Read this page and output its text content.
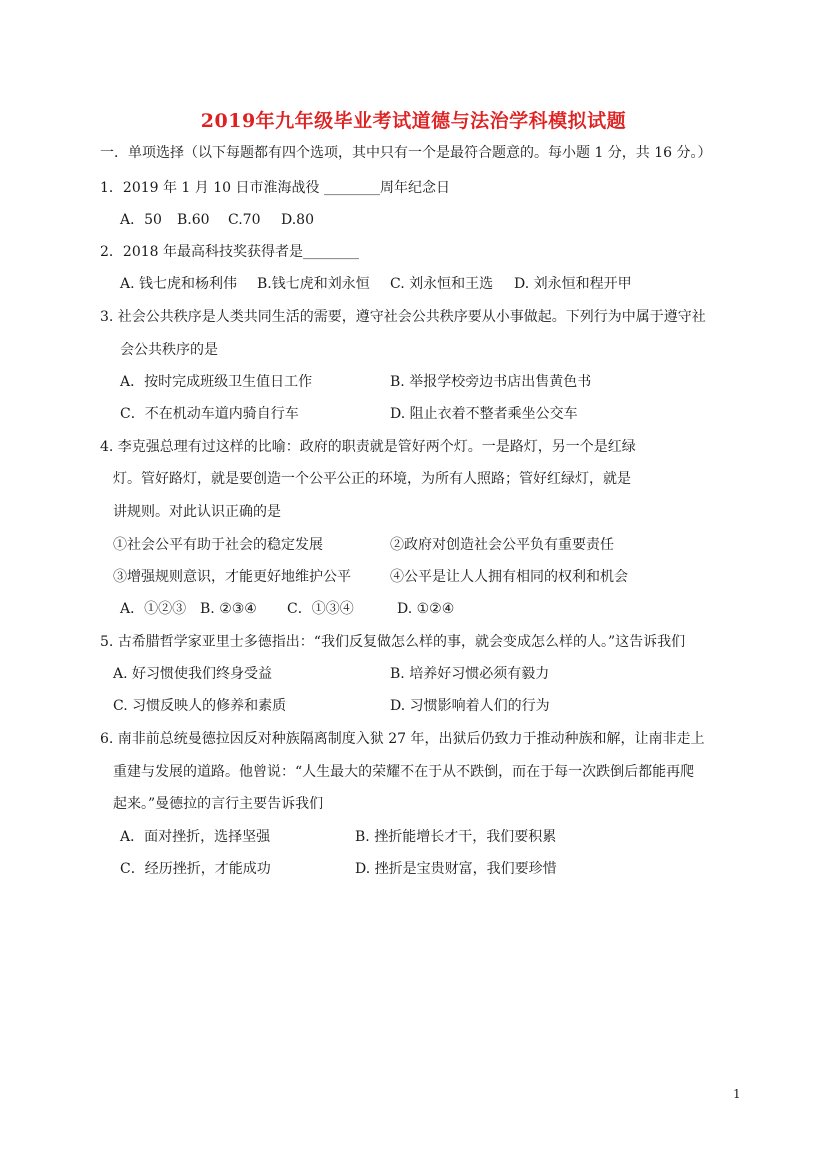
2019年九年级毕业考试道德与法治学科模拟试题
一．单项选择（以下每题都有四个选项，其中只有一个是最符合题意的。每小题 1 分，共 16 分。）
1．2019 年 1 月 10 日市淮海战役 ________周年纪念日
A．50 B.60 C.70 D.80
2．2018 年最高科技奖获得者是________
A. 钱七虎和杨利伟 B.钱七虎和刘永恒 C. 刘永恒和王选 D. 刘永恒和程开甲
3. 社会公共秩序是人类共同生活的需要，遵守社会公共秩序要从小事做起。下列行为中属于遵守社
会公共秩序的是
A．按时完成班级卫生值日工作	B. 举报学校旁边书店出售黄色书
C．不在机动车道内骑自行车	D. 阻止衣着不整者乘坐公交车
4. 李克强总理有过这样的比喻：政府的职责就是管好两个灯。一是路灯，另一个是红绿
灯。管好路灯，就是要创造一个公平公正的环境，为所有人照路；管好红绿灯，就是
讲规则。对此认识正确的是
①社会公平有助于社会的稳定发展	②政府对创造社会公平负有重要责任
③增强规则意识，才能更好地维护公平	④公平是让人人拥有相同的权利和机会
A．①②③ B. ②③④ C．①③④	D. ①②④
5. 古希腊哲学家亚里士多德指出：“我们反复做怎么样的事，就会变成怎么样的人。”这告诉我们
A. 好习惯使我们终身受益	B. 培养好习惯必须有毅力
C. 习惯反映人的修养和素质	D. 习惯影响着人们的行为
6. 南非前总统曼德拉因反对种族隔离制度入狱 27 年，出狱后仍致力于推动种族和解，让南非走上
重建与发展的道路。他曾说：“人生最大的荣耀不在于从不跌倒，而在于每一次跌倒后都能再爬
起来。”曼德拉的言行主要告诉我们
A．面对挫折，选择坚强	B. 挫折能增长才干，我们要积累
C．经历挫折，才能成功	D. 挫折是宝贵财富，我们要珍惜
1
